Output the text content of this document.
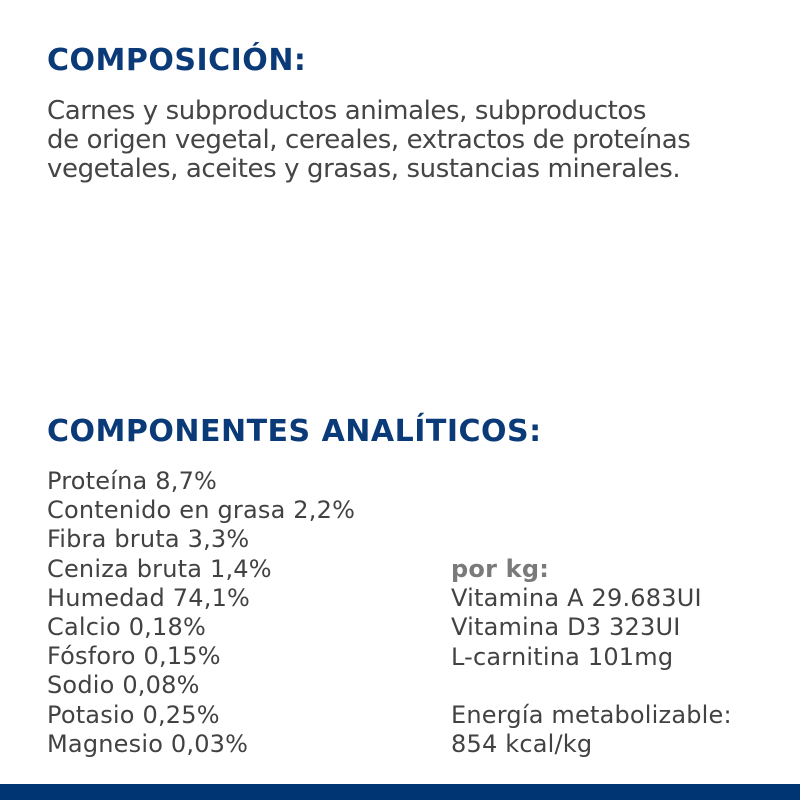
COMPOSICIÓN:

Carnes y subproductos animales, subproductos
de origen vegetal, cereales, extractos de proteínas
vegetales, aceites y grasas, sustancias minerales.

COMPONENTES ANALÍTICOS:
Proteína 8,7%
Contenido en grasa 2,2%
Fibra bruta 3,3%
Ceniza bruta 1,4%
Humedad 74,1%
Calcio 0,18%
Fósforo 0,15%
Sodio 0,08%
Potasio 0,25%
Magnesio 0,03%
por kg:
Vitamina A 29.683UI
Vitamina D3 323UI
L-carnitina 101mg
Energía metabolizable:
854 kcal/kg
